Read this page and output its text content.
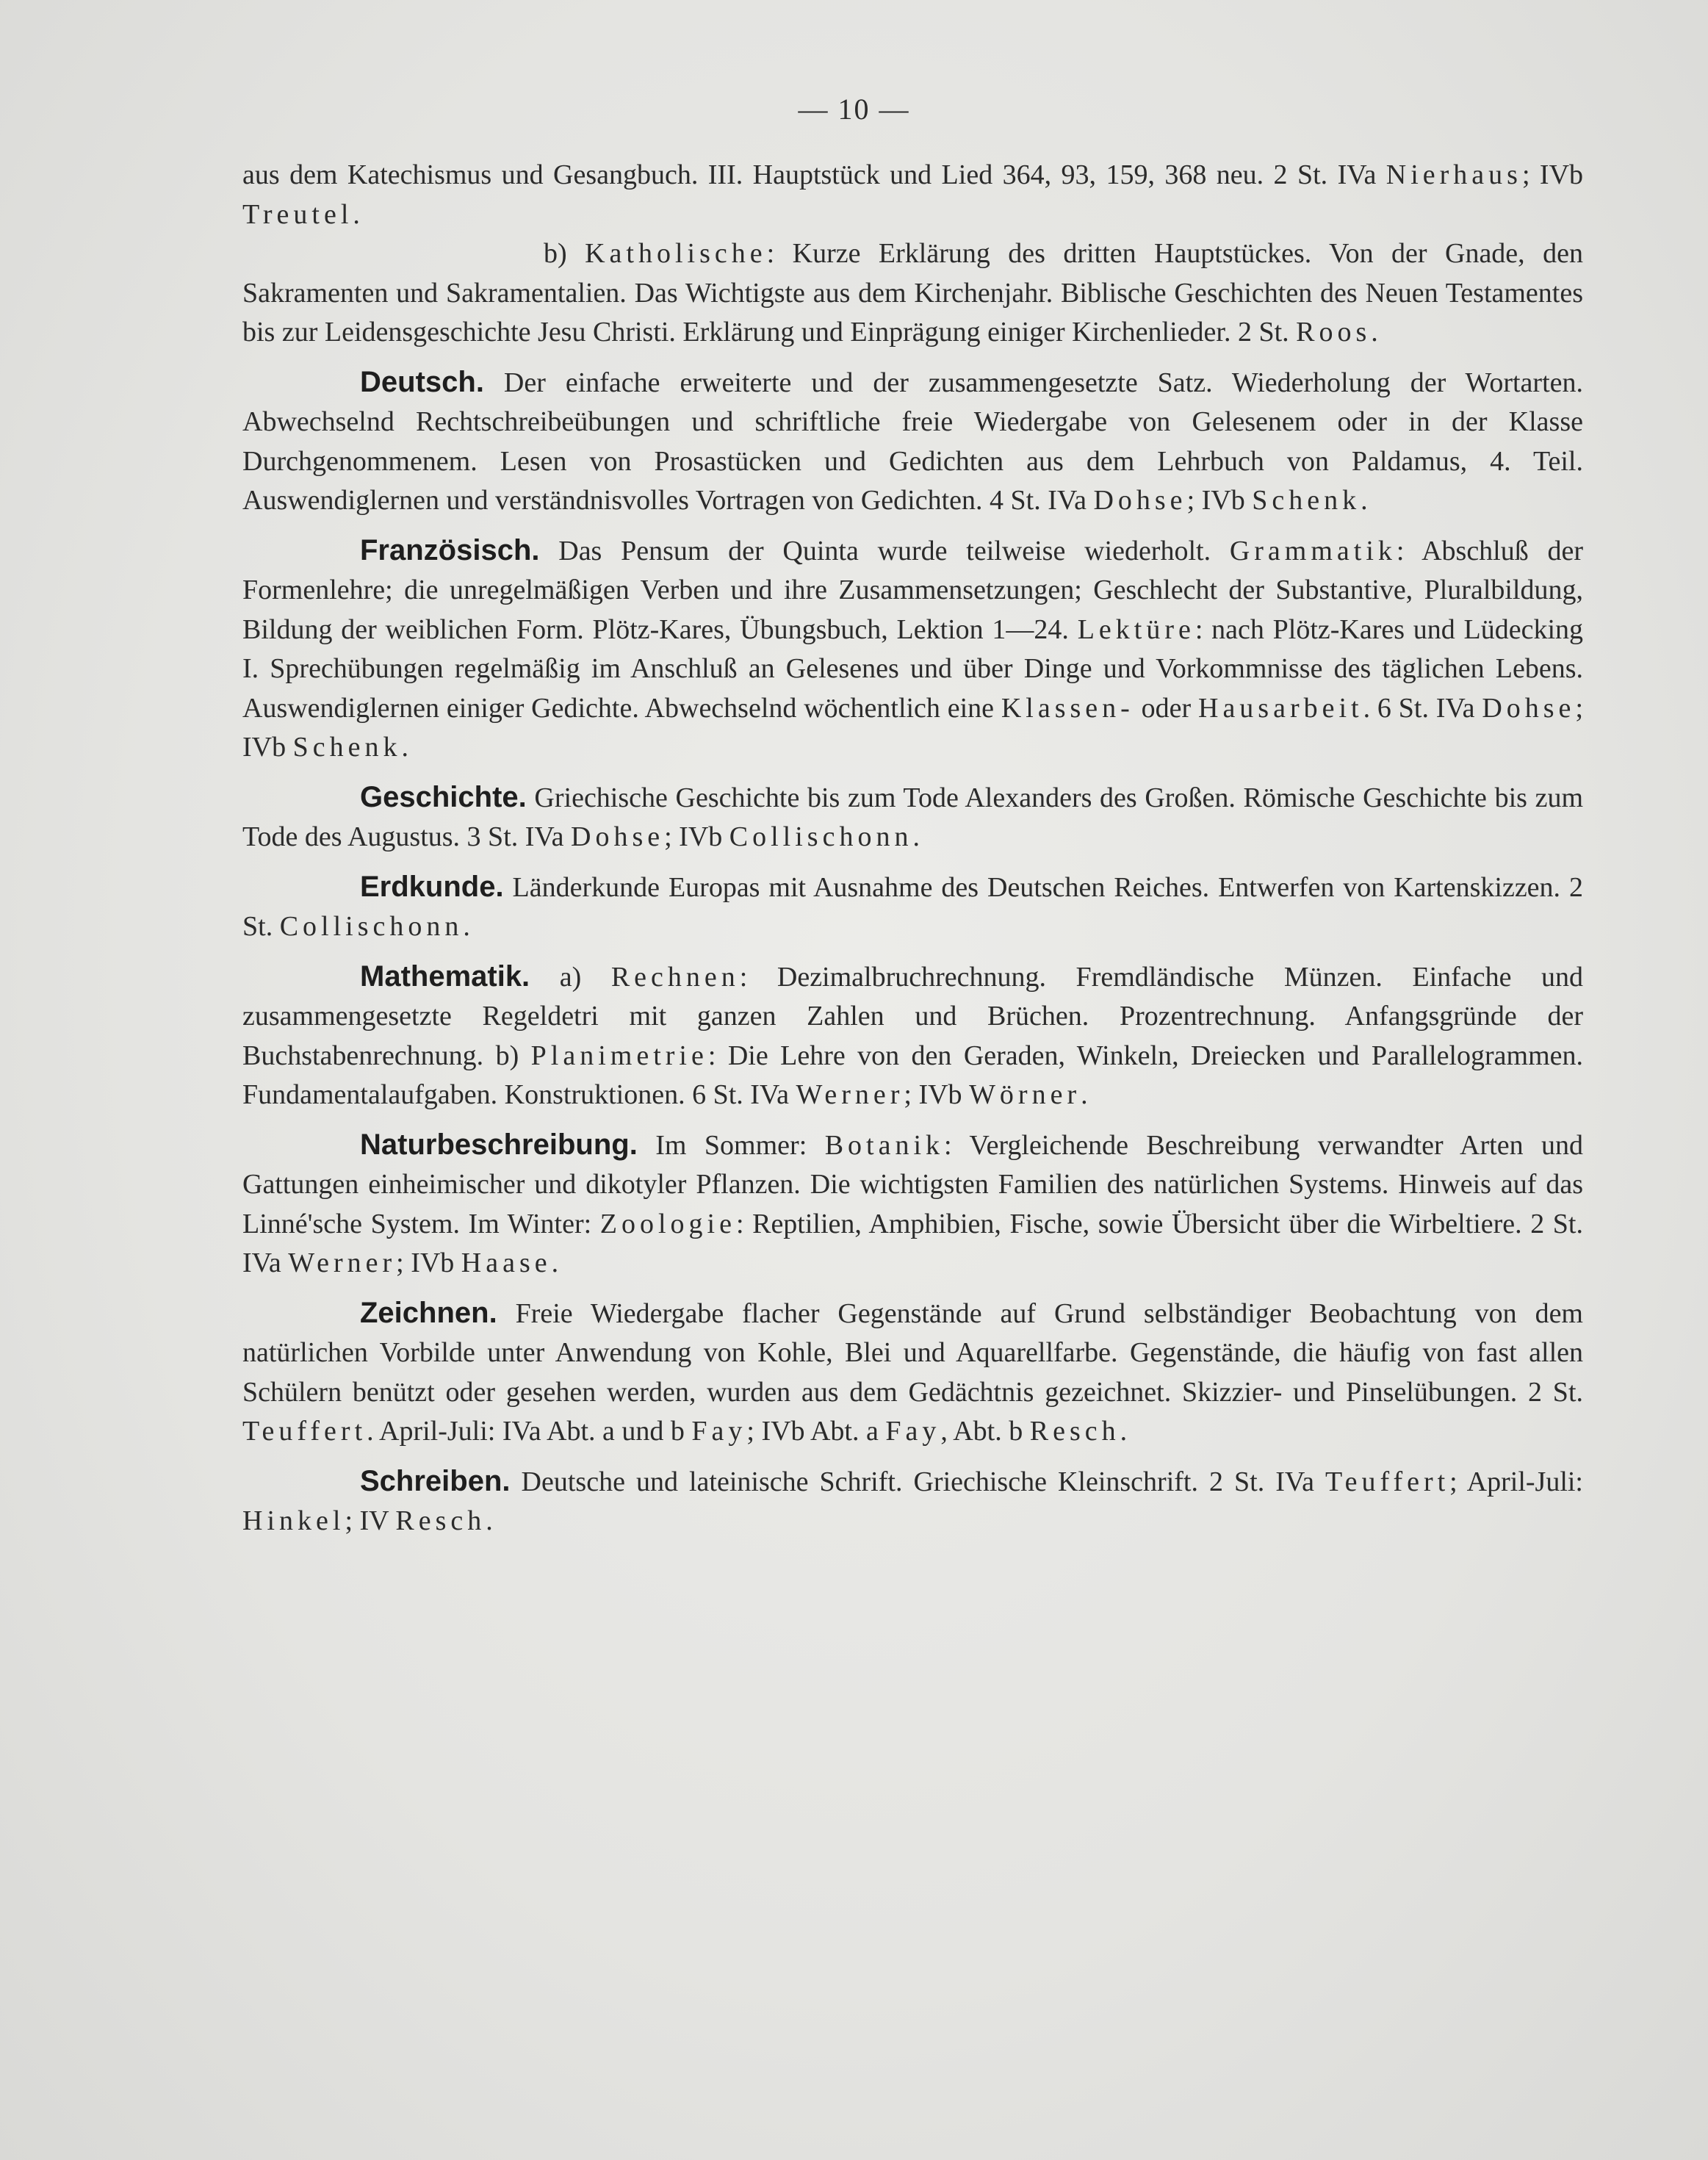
— 10 —

aus dem Katechismus und Gesangbuch. III. Hauptstück und Lied 364, 93, 159, 368 neu. 2 St. IVa Nierhaus; IVb Treutel.

b) Katholische: Kurze Erklärung des dritten Hauptstückes. Von der Gnade, den Sakramenten und Sakramentalien. Das Wichtigste aus dem Kirchenjahr. Biblische Geschichten des Neuen Testamentes bis zur Leidensgeschichte Jesu Christi. Erklärung und Einprägung einiger Kirchenlieder. 2 St. Roos.

Deutsch. Der einfache erweiterte und der zusammengesetzte Satz. Wiederholung der Wortarten. Abwechselnd Rechtschreibeübungen und schriftliche freie Wiedergabe von Gelesenem oder in der Klasse Durchgenommenem. Lesen von Prosastücken und Gedichten aus dem Lehrbuch von Paldamus, 4. Teil. Auswendiglernen und verständnisvolles Vortragen von Gedichten. 4 St. IVa Dohse; IVb Schenk.

Französisch. Das Pensum der Quinta wurde teilweise wiederholt. Grammatik: Abschluß der Formenlehre; die unregelmäßigen Verben und ihre Zusammensetzungen; Geschlecht der Substantive, Pluralbildung, Bildung der weiblichen Form. Plötz-Kares, Übungsbuch, Lektion 1—24. Lektüre: nach Plötz-Kares und Lüdecking I. Sprechübungen regelmäßig im Anschluß an Gelesenes und über Dinge und Vorkommnisse des täglichen Lebens. Auswendiglernen einiger Gedichte. Abwechselnd wöchentlich eine Klassen- oder Hausarbeit. 6 St. IVa Dohse; IVb Schenk.

Geschichte. Griechische Geschichte bis zum Tode Alexanders des Großen. Römische Geschichte bis zum Tode des Augustus. 3 St. IVa Dohse; IVb Collischonn.

Erdkunde. Länderkunde Europas mit Ausnahme des Deutschen Reiches. Entwerfen von Kartenskizzen. 2 St. Collischonn.

Mathematik. a) Rechnen: Dezimalbruchrechnung. Fremdländische Münzen. Einfache und zusammengesetzte Regeldetri mit ganzen Zahlen und Brüchen. Prozentrechnung. Anfangsgründe der Buchstabenrechnung. b) Planimetrie: Die Lehre von den Geraden, Winkeln, Dreiecken und Parallelogrammen. Fundamentalaufgaben. Konstruktionen. 6 St. IVa Werner; IVb Wörner.

Naturbeschreibung. Im Sommer: Botanik: Vergleichende Beschreibung verwandter Arten und Gattungen einheimischer und dikotyler Pflanzen. Die wichtigsten Familien des natürlichen Systems. Hinweis auf das Linné'sche System. Im Winter: Zoologie: Reptilien, Amphibien, Fische, sowie Übersicht über die Wirbeltiere. 2 St. IVa Werner; IVb Haase.

Zeichnen. Freie Wiedergabe flacher Gegenstände auf Grund selbständiger Beobachtung von dem natürlichen Vorbilde unter Anwendung von Kohle, Blei und Aquarellfarbe. Gegenstände, die häufig von fast allen Schülern benützt oder gesehen werden, wurden aus dem Gedächtnis gezeichnet. Skizzier- und Pinselübungen. 2 St. Teuffert. April-Juli: IVa Abt. a und b Fay; IVb Abt. a Fay, Abt. b Resch.

Schreiben. Deutsche und lateinische Schrift. Griechische Kleinschrift. 2 St. IVa Teuffert; April-Juli: Hinkel; IV Resch.
